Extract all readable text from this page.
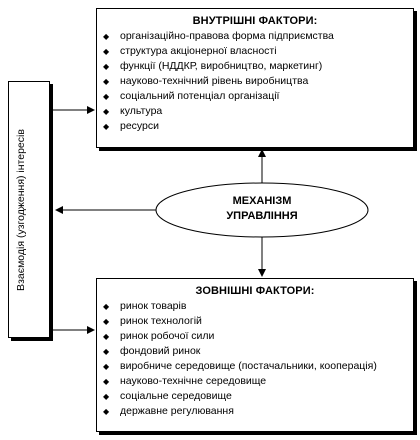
ВНУТРІШНІ ФАКТОРИ:
◆ організаційно-правова форма підприємства
◆ структура акціонерної власності
◆ функції (НДДКР, виробництво, маркетинг)
◆ науково-технічний рівень виробництва
◆ соціальний потенціал організації
◆ культура
◆ ресурси
Взаємодія (узгодження) інтересів	МЕХАНІЗМ
УПРАВЛІННЯ
ЗОВНІШНІ ФАКТОРИ:
◆ ринок товарів
◆ ринок технологій
◆ ринок робочої сили
◆ фондовий ринок
◆ виробниче середовище (постачальники, кооперація)
◆ науково-технічне середовище
◆ соціальне середовище
◆ державне регулювання
